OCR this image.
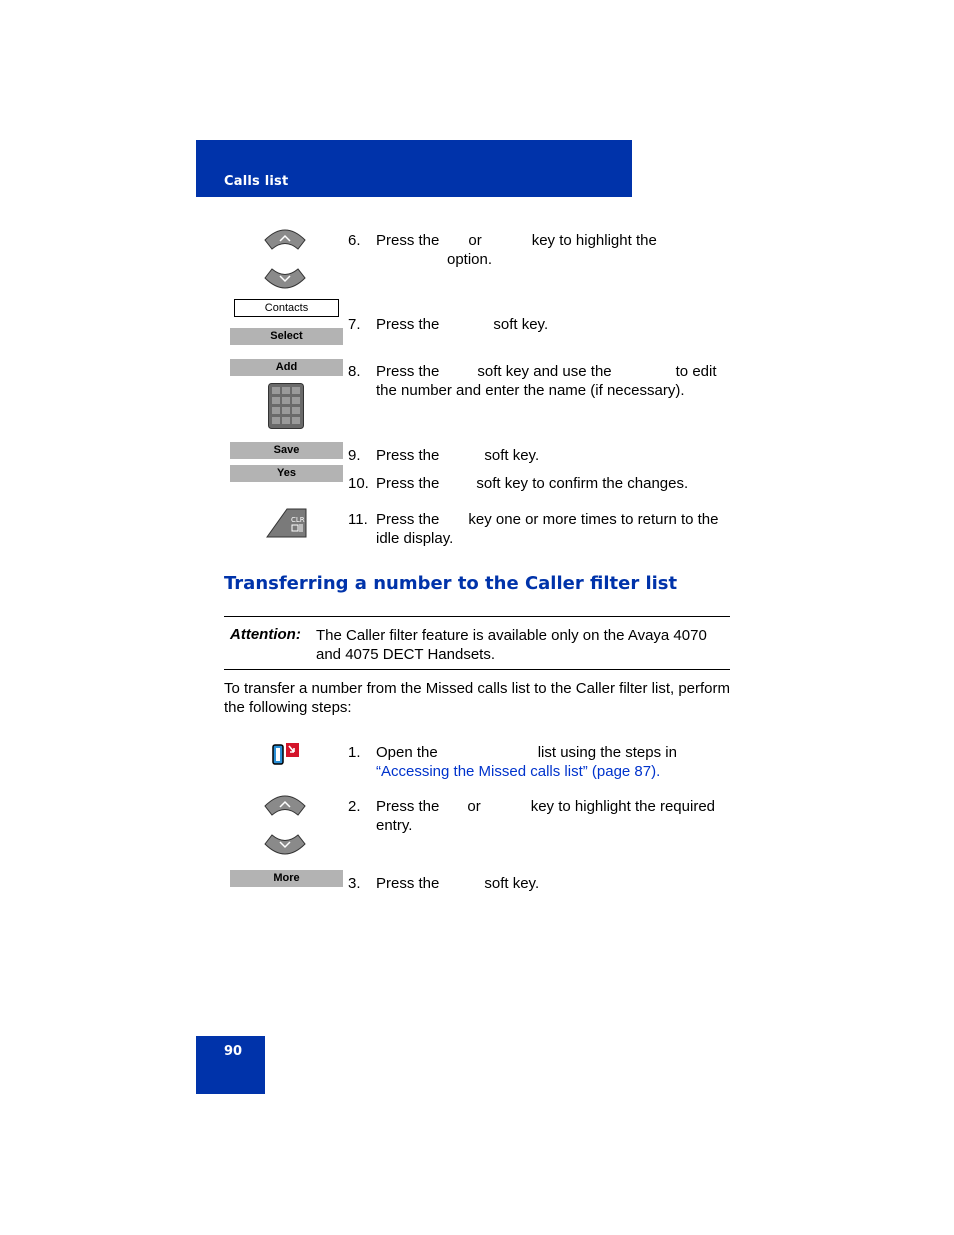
Calls list
Contacts
Select
Add
Save
Yes
CLR
6. Press the or	key to highlight the
option.
7. Press the	soft key.
8. Press the	soft key and use the	to edit
the number and enter the name (if necessary).
9. Press the	soft key.
10. Press the soft key to confirm the changes.
11. Press the key one or more times to return to the
idle display.
Transferring a number to the Caller filter list
Attention: The Caller filter feature is available only on the Avaya 4070 and 4075 DECT Handsets.
To transfer a number from the Missed calls list to the Caller filter list, perform the following steps:
More
1. Open the	list using the steps in
“Accessing the Missed calls list” (page 87).
2. Press the or	key to highlight the required
entry.
3. Press the	soft key.
90
